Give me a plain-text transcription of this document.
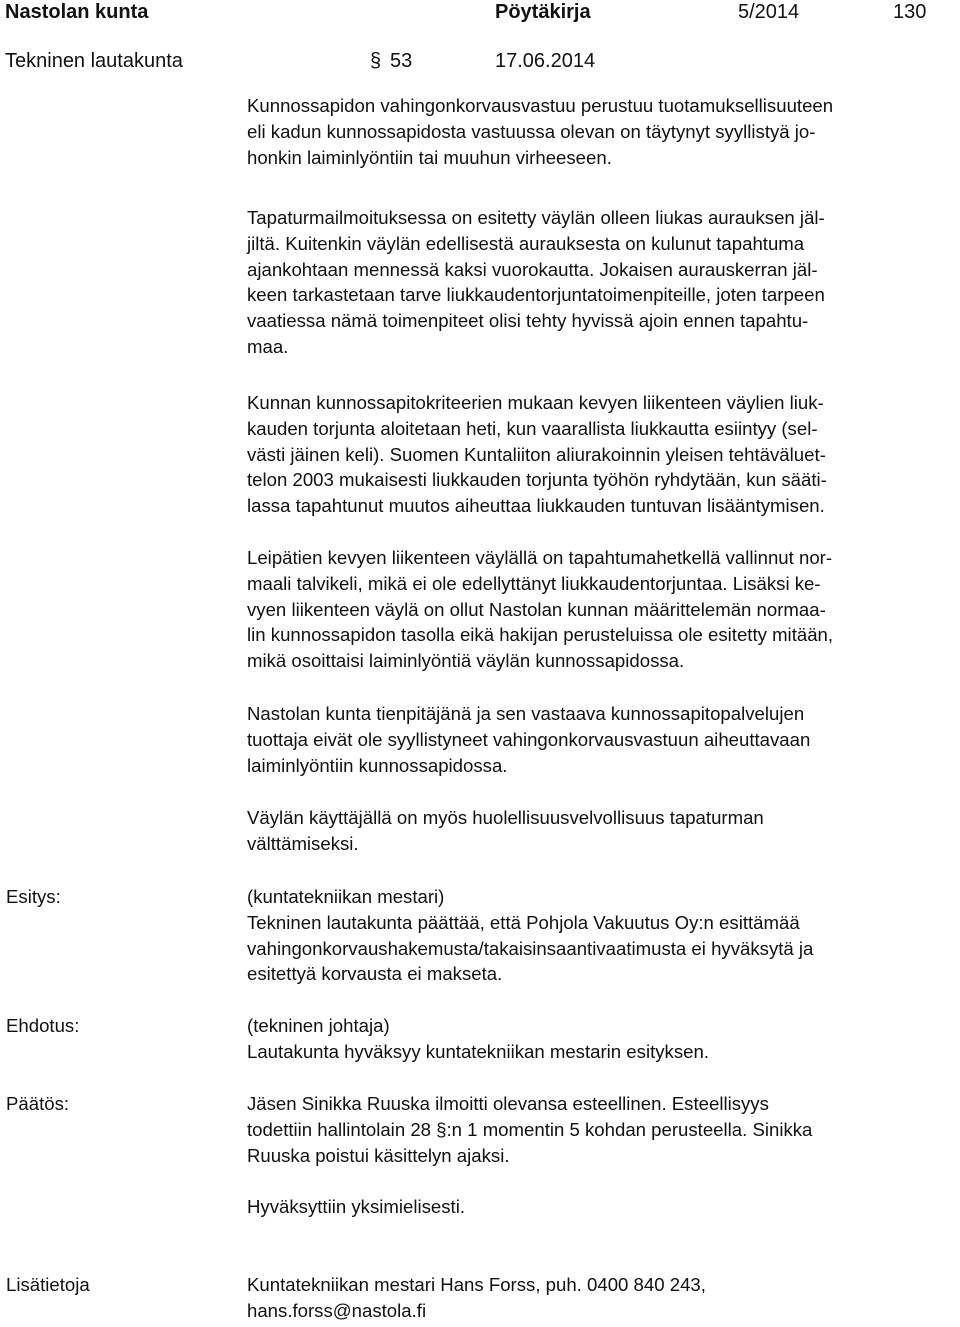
Nastolan kunta	Pöytäkirja	5/2014	130
Tekninen lautakunta	§ 53	17.06.2014
Kunnossapidon vahingonkorvausvastuu perustuu tuotamuksellisuuteen
eli kadun kunnossapidosta vastuussa olevan on täytynyt syyllistyä jo-
honkin laiminlyöntiin tai muuhun virheeseen.
Tapaturmailmoituksessa on esitetty väylän olleen liukas aurauksen jäl-
jiltä. Kuitenkin väylän edellisestä aurauksesta on kulunut tapahtuma
ajankohtaan mennessä kaksi vuorokautta. Jokaisen aurauskerran jäl-
keen tarkastetaan tarve liukkaudentorjuntatoimenpiteille, joten tarpeen
vaatiessa nämä toimenpiteet olisi tehty hyvissä ajoin ennen tapahtu-
maa.
Kunnan kunnossapitokriteerien mukaan kevyen liikenteen väylien liuk-
kauden torjunta aloitetaan heti, kun vaarallista liukkautta esiintyy (sel-
västi jäinen keli). Suomen Kuntaliiton aliurakoinnin yleisen tehtäväluet-
telon 2003 mukaisesti liukkauden torjunta työhön ryhdytään, kun sääti-
lassa tapahtunut muutos aiheuttaa liukkauden tuntuvan lisääntymisen.
Leipätien kevyen liikenteen väylällä on tapahtumahetkellä vallinnut nor-
maali talvikeli, mikä ei ole edellyttänyt liukkaudentorjuntaa. Lisäksi ke-
vyen liikenteen väylä on ollut Nastolan kunnan määrittelemän normaa-
lin kunnossapidon tasolla eikä hakijan perusteluissa ole esitetty mitään,
mikä osoittaisi laiminlyöntiä väylän kunnossapidossa.
Nastolan kunta tienpitäjänä ja sen vastaava kunnossapitopalvelujen
tuottaja eivät ole syyllistyneet vahingonkorvausvastuun aiheuttavaan
laiminlyöntiin kunnossapidossa.
Väylän käyttäjällä on myös huolellisuusvelvollisuus tapaturman
välttämiseksi.
Esitys:	(kuntatekniikan mestari)
Tekninen lautakunta päättää, että Pohjola Vakuutus Oy:n esittämää
vahingonkorvaushakemusta/takaisinsaantivaatimusta ei hyväksytä ja
esitettyä korvausta ei makseta.
Ehdotus:	(tekninen johtaja)
Lautakunta hyväksyy kuntatekniikan mestarin esityksen.
Päätös:	Jäsen Sinikka Ruuska ilmoitti olevansa esteellinen. Esteellisyys
todettiin hallintolain 28 §:n 1 momentin 5 kohdan perusteella. Sinikka
Ruuska poistui käsittelyn ajaksi.
Hyväksyttiin yksimielisesti.
Lisätietoja	Kuntatekniikan mestari Hans Forss, puh. 0400 840 243,
hans.forss@nastola.fi
